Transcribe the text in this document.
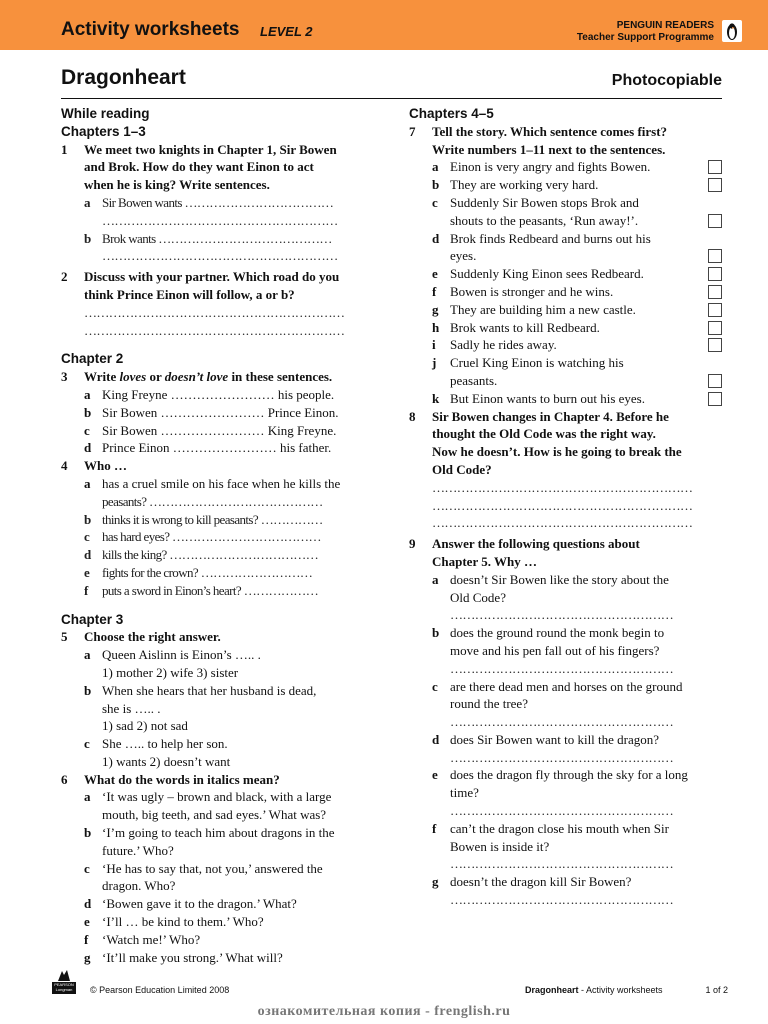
Activity worksheets LEVEL 2	PENGUIN READERS
Teacher Support Programme
Dragonheart	Photocopiable
While reading
Chapters 1–3
1 We meet two knights in Chapter 1, Sir Bowen
and Brok. How do they want Einon to act
when he is king? Write sentences.
a Sir Bowen wants ………………………………
…………………………………………………
b Brok wants ……………………………………
…………………………………………………
2 Discuss with your partner. Which road do you
think Prince Einon will follow, a or b?
………………………………………………………
………………………………………………………
Chapter 2
3 Write loves or doesn’t love in these sentences.
a King Freyne …………………… his people.
b Sir Bowen …………………… Prince Einon.
c Sir Bowen …………………… King Freyne.
d Prince Einon …………………… his father.
4 Who …
a has a cruel smile on his face when he kills the
peasants? ……………………………………
b thinks it is wrong to kill peasants? ……………
c has hard eyes? ………………………………
d kills the king? ………………………………
e fights for the crown? ………………………
f puts a sword in Einon’s heart? ………………
Chapter 3
5 Choose the right answer.
a Queen Aislinn is Einon’s ….. .
1) mother 2) wife 3) sister
b When she hears that her husband is dead,
she is ….. .
1) sad 2) not sad
c She ….. to help her son.
1) wants 2) doesn’t want
6 What do the words in italics mean?
a ‘It was ugly – brown and black, with a large
mouth, big teeth, and sad eyes.’ What was?
b ‘I’m going to teach him about dragons in the
future.’ Who?
c ‘He has to say that, not you,’ answered the
dragon. Who?
d ‘Bowen gave it to the dragon.’ What?
e ‘I’ll … be kind to them.’ Who?
f ‘Watch me!’ Who?
g ‘It’ll make you strong.’ What will?
Chapters 4–5
7 Tell the story. Which sentence comes first?
Write numbers 1–11 next to the sentences.
a Einon is very angry and fights Bowen.
b They are working very hard.
c Suddenly Sir Bowen stops Brok and
shouts to the peasants, ‘Run away!’.
d Brok finds Redbeard and burns out his
eyes.
e Suddenly King Einon sees Redbeard.
f Bowen is stronger and he wins.
g They are building him a new castle.
h Brok wants to kill Redbeard.
i Sadly he rides away.
j Cruel King Einon is watching his
peasants.
k But Einon wants to burn out his eyes.
8 Sir Bowen changes in Chapter 4. Before he
thought the Old Code was the right way.
Now he doesn’t. How is he going to break the
Old Code?
………………………………………………………
………………………………………………………
………………………………………………………
9 Answer the following questions about
Chapter 5. Why …
a doesn’t Sir Bowen like the story about the
Old Code?
………………………………………………
b does the ground round the monk begin to
move and his pen fall out of his fingers?
………………………………………………
c are there dead men and horses on the ground
round the tree?
………………………………………………
d does Sir Bowen want to kill the dragon?
………………………………………………
e does the dragon fly through the sky for a long
time?
………………………………………………
f can’t the dragon close his mouth when Sir
Bowen is inside it?
………………………………………………
g doesn’t the dragon kill Sir Bowen?
………………………………………………
PEARSON Longman	© Pearson Education Limited 2008	Dragonheart - Activity worksheets	1 of 2
ознакомительная копия - frenglish.ru
